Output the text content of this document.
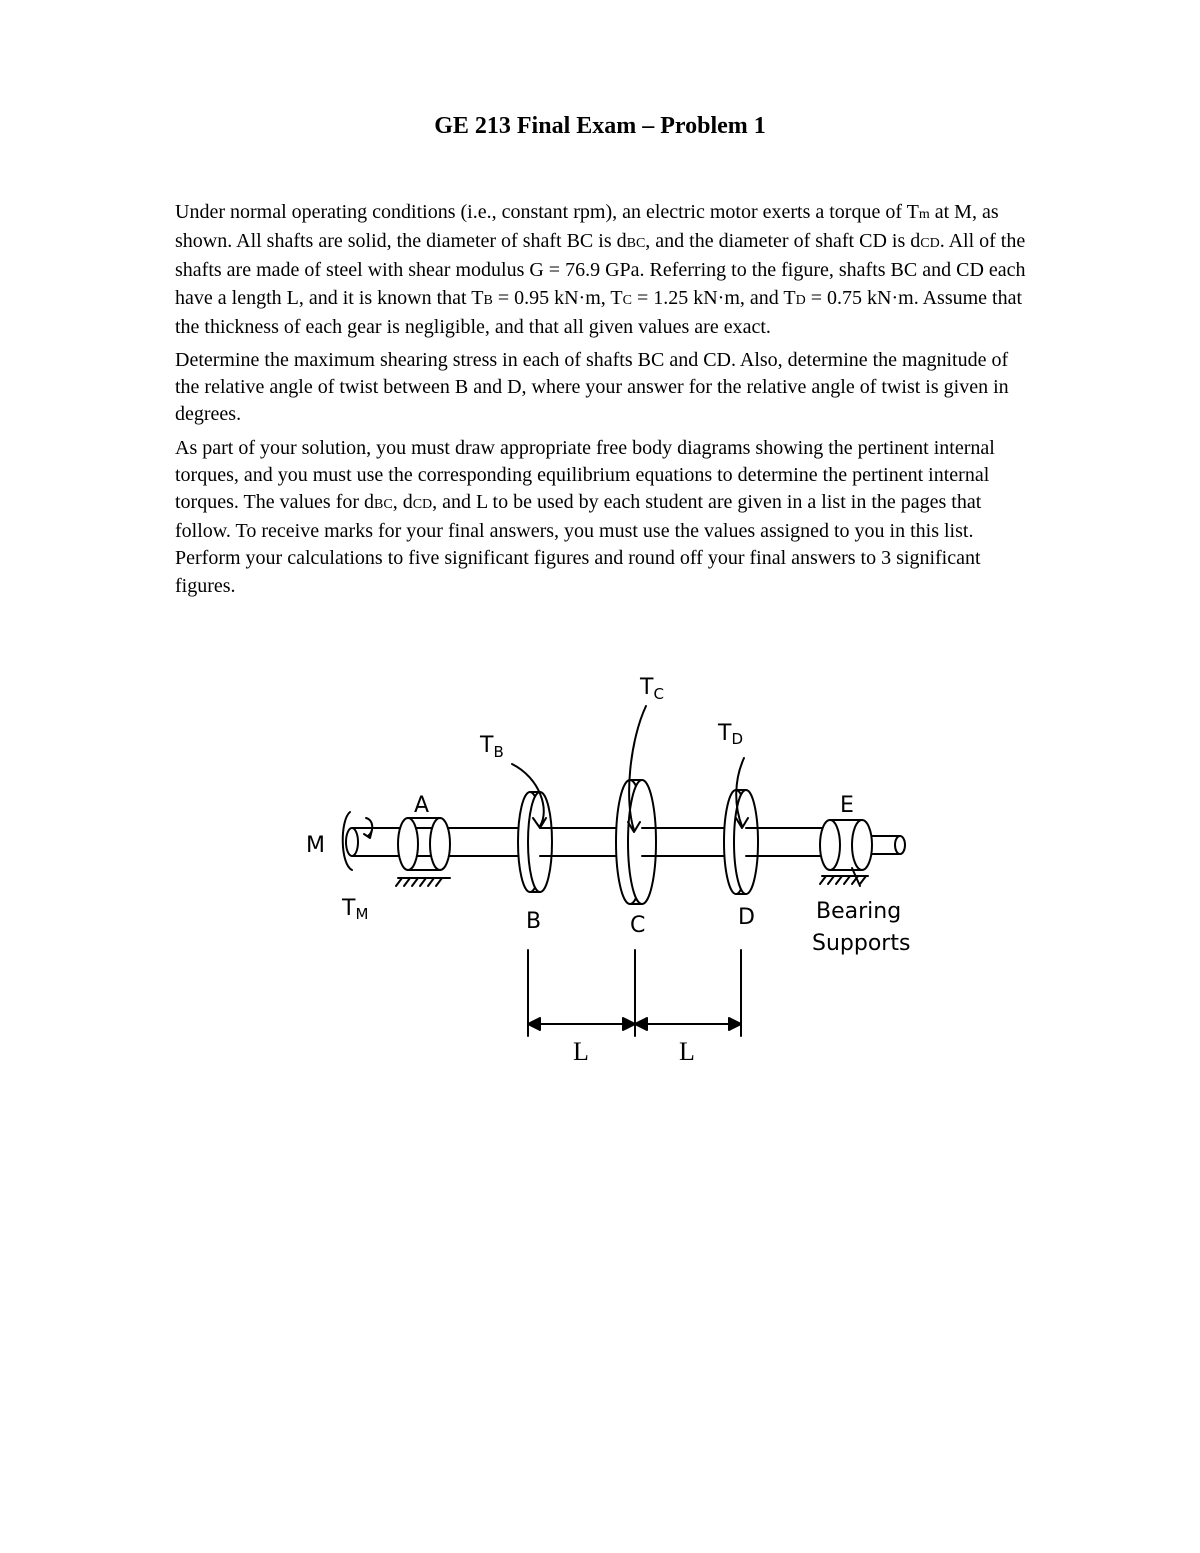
GE 213 Final Exam – Problem 1

Under normal operating conditions (i.e., constant rpm), an electric motor exerts a torque of Tm at M, as shown. All shafts are solid, the diameter of shaft BC is dBC, and the diameter of shaft CD is dCD. All of the shafts are made of steel with shear modulus G = 76.9 GPa. Referring to the figure, shafts BC and CD each have a length L, and it is known that TB = 0.95 kN·m, TC = 1.25 kN·m, and TD = 0.75 kN·m. Assume that the thickness of each gear is negligible, and that all given values are exact.

Determine the maximum shearing stress in each of shafts BC and CD. Also, determine the magnitude of the relative angle of twist between B and D, where your answer for the relative angle of twist is given in degrees.

As part of your solution, you must draw appropriate free body diagrams showing the pertinent internal torques, and you must use the corresponding equilibrium equations to determine the pertinent internal torques. The values for dBC, dCD, and L to be used by each student are given in a list in the pages that follow. To receive marks for your final answers, you must use the values assigned to you in this list. Perform your calculations to five significant figures and round off your final answers to 3 significant figures.

M
TM
A
$T_B$
$T_C$
TD
E
B	C	D	Bearing
Supports
L	L
